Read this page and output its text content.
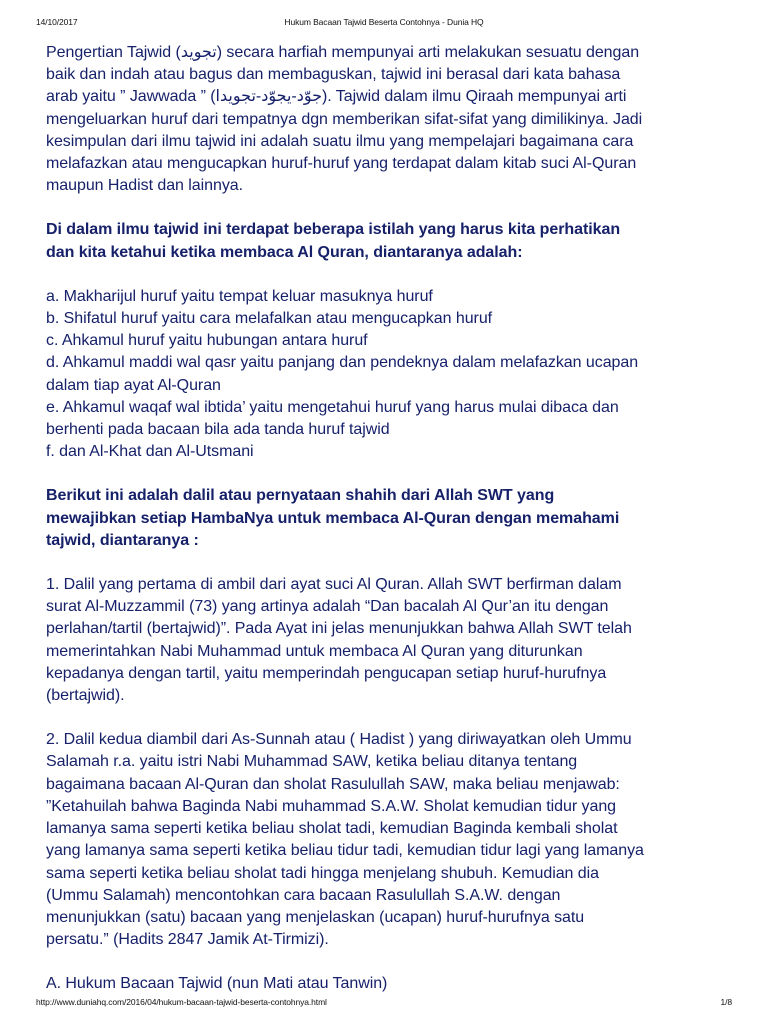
14/10/2017	Hukum Bacaan Tajwid Beserta Contohnya - Dunia HQ

Pengertian Tajwid (تجويد) secara harfiah mempunyai arti melakukan sesuatu dengan

baik dan indah atau bagus dan membaguskan, tajwid ini berasal dari kata bahasa

arab yaitu ” Jawwada ” (جوّد-يجوّد-تجويدا). Tajwid dalam ilmu Qiraah mempunyai arti

mengeluarkan huruf dari tempatnya dgn memberikan sifat-sifat yang dimilikinya. Jadi

kesimpulan dari ilmu tajwid ini adalah suatu ilmu yang mempelajari bagaimana cara

melafazkan atau mengucapkan huruf-huruf yang terdapat dalam kitab suci Al-Quran

maupun Hadist dan lainnya.

Di dalam ilmu tajwid ini terdapat beberapa istilah yang harus kita perhatikan

dan kita ketahui ketika membaca Al Quran, diantaranya adalah:

a. Makharijul huruf yaitu tempat keluar masuknya huruf

b. Shifatul huruf yaitu cara melafalkan atau mengucapkan huruf

c. Ahkamul huruf yaitu hubungan antara huruf

d. Ahkamul maddi wal qasr yaitu panjang dan pendeknya dalam melafazkan ucapan

dalam tiap ayat Al-Quran

e. Ahkamul waqaf wal ibtida’ yaitu mengetahui huruf yang harus mulai dibaca dan

berhenti pada bacaan bila ada tanda huruf tajwid

f. dan Al-Khat dan Al-Utsmani

Berikut ini adalah dalil atau pernyataan shahih dari Allah SWT yang

mewajibkan setiap HambaNya untuk membaca Al-Quran dengan memahami

tajwid, diantaranya :

1. Dalil yang pertama di ambil dari ayat suci Al Quran. Allah SWT berfirman dalam

surat Al-Muzzammil (73) yang artinya adalah “Dan bacalah Al Qur’an itu dengan

perlahan/tartil (bertajwid)”. Pada Ayat ini jelas menunjukkan bahwa Allah SWT telah

memerintahkan Nabi Muhammad untuk membaca Al Quran yang diturunkan

kepadanya dengan tartil, yaitu memperindah pengucapan setiap huruf-hurufnya

(bertajwid).

2. Dalil kedua diambil dari As-Sunnah atau ( Hadist ) yang diriwayatkan oleh Ummu

Salamah r.a. yaitu istri Nabi Muhammad SAW, ketika beliau ditanya tentang

bagaimana bacaan Al-Quran dan sholat Rasulullah SAW, maka beliau menjawab:

”Ketahuilah bahwa Baginda Nabi muhammad S.A.W. Sholat kemudian tidur yang

lamanya sama seperti ketika beliau sholat tadi, kemudian Baginda kembali sholat

yang lamanya sama seperti ketika beliau tidur tadi, kemudian tidur lagi yang lamanya

sama seperti ketika beliau sholat tadi hingga menjelang shubuh. Kemudian dia

(Ummu Salamah) mencontohkan cara bacaan Rasulullah S.A.W. dengan

menunjukkan (satu) bacaan yang menjelaskan (ucapan) huruf-hurufnya satu

persatu.” (Hadits 2847 Jamik At-Tirmizi).

A. Hukum Bacaan Tajwid (nun Mati atau Tanwin)

http://www.duniahq.com/2016/04/hukum-bacaan-tajwid-beserta-contohnya.html	1/8
